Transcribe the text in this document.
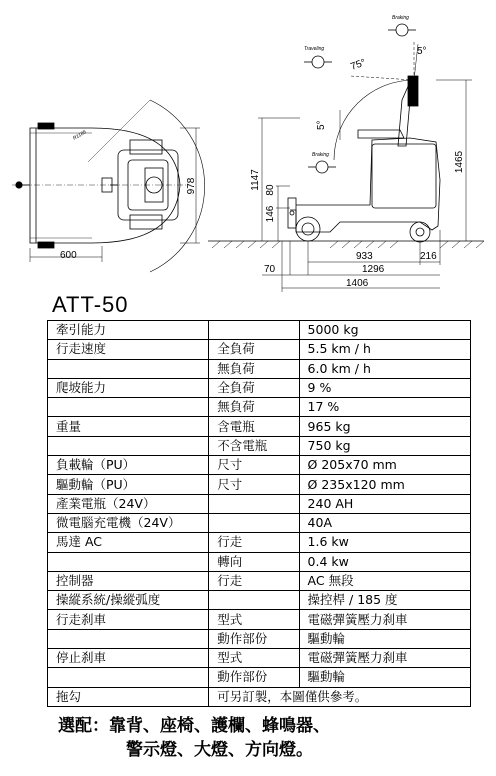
600
978
R1185
933	216
70	1296
1406
1465
1147 80
146
5°
75°
5°
Traveling
Braking
Braking
ATT-50
牽引能力		5000 kg
行走速度	全負荷	5.5 km / h
	無負荷	6.0 km / h
爬坡能力	全負荷	9 %
	無負荷	17 %
重量	含電瓶	965 kg
	不含電瓶	750 kg
負載輪（PU）	尺寸	Ø 205x70 mm
驅動輪（PU）	尺寸	Ø 235x120 mm
產業電瓶（24V）		240 AH
微電腦充電機（24V）		40A
馬達 AC	行走	1.6 kw
	轉向	0.4 kw
控制器	行走	AC 無段
操縱系統/操縱弧度		操控桿 / 185 度
行走刹車	型式	電磁彈簧壓力刹車
	動作部份	驅動輪
停止刹車	型式	電磁彈簧壓力刹車
	動作部份	驅動輪
拖勾	可另訂製，本圖僅供參考。	
選配：靠背、座椅、護欄、蜂鳴器、
警示燈、大燈、方向燈。
